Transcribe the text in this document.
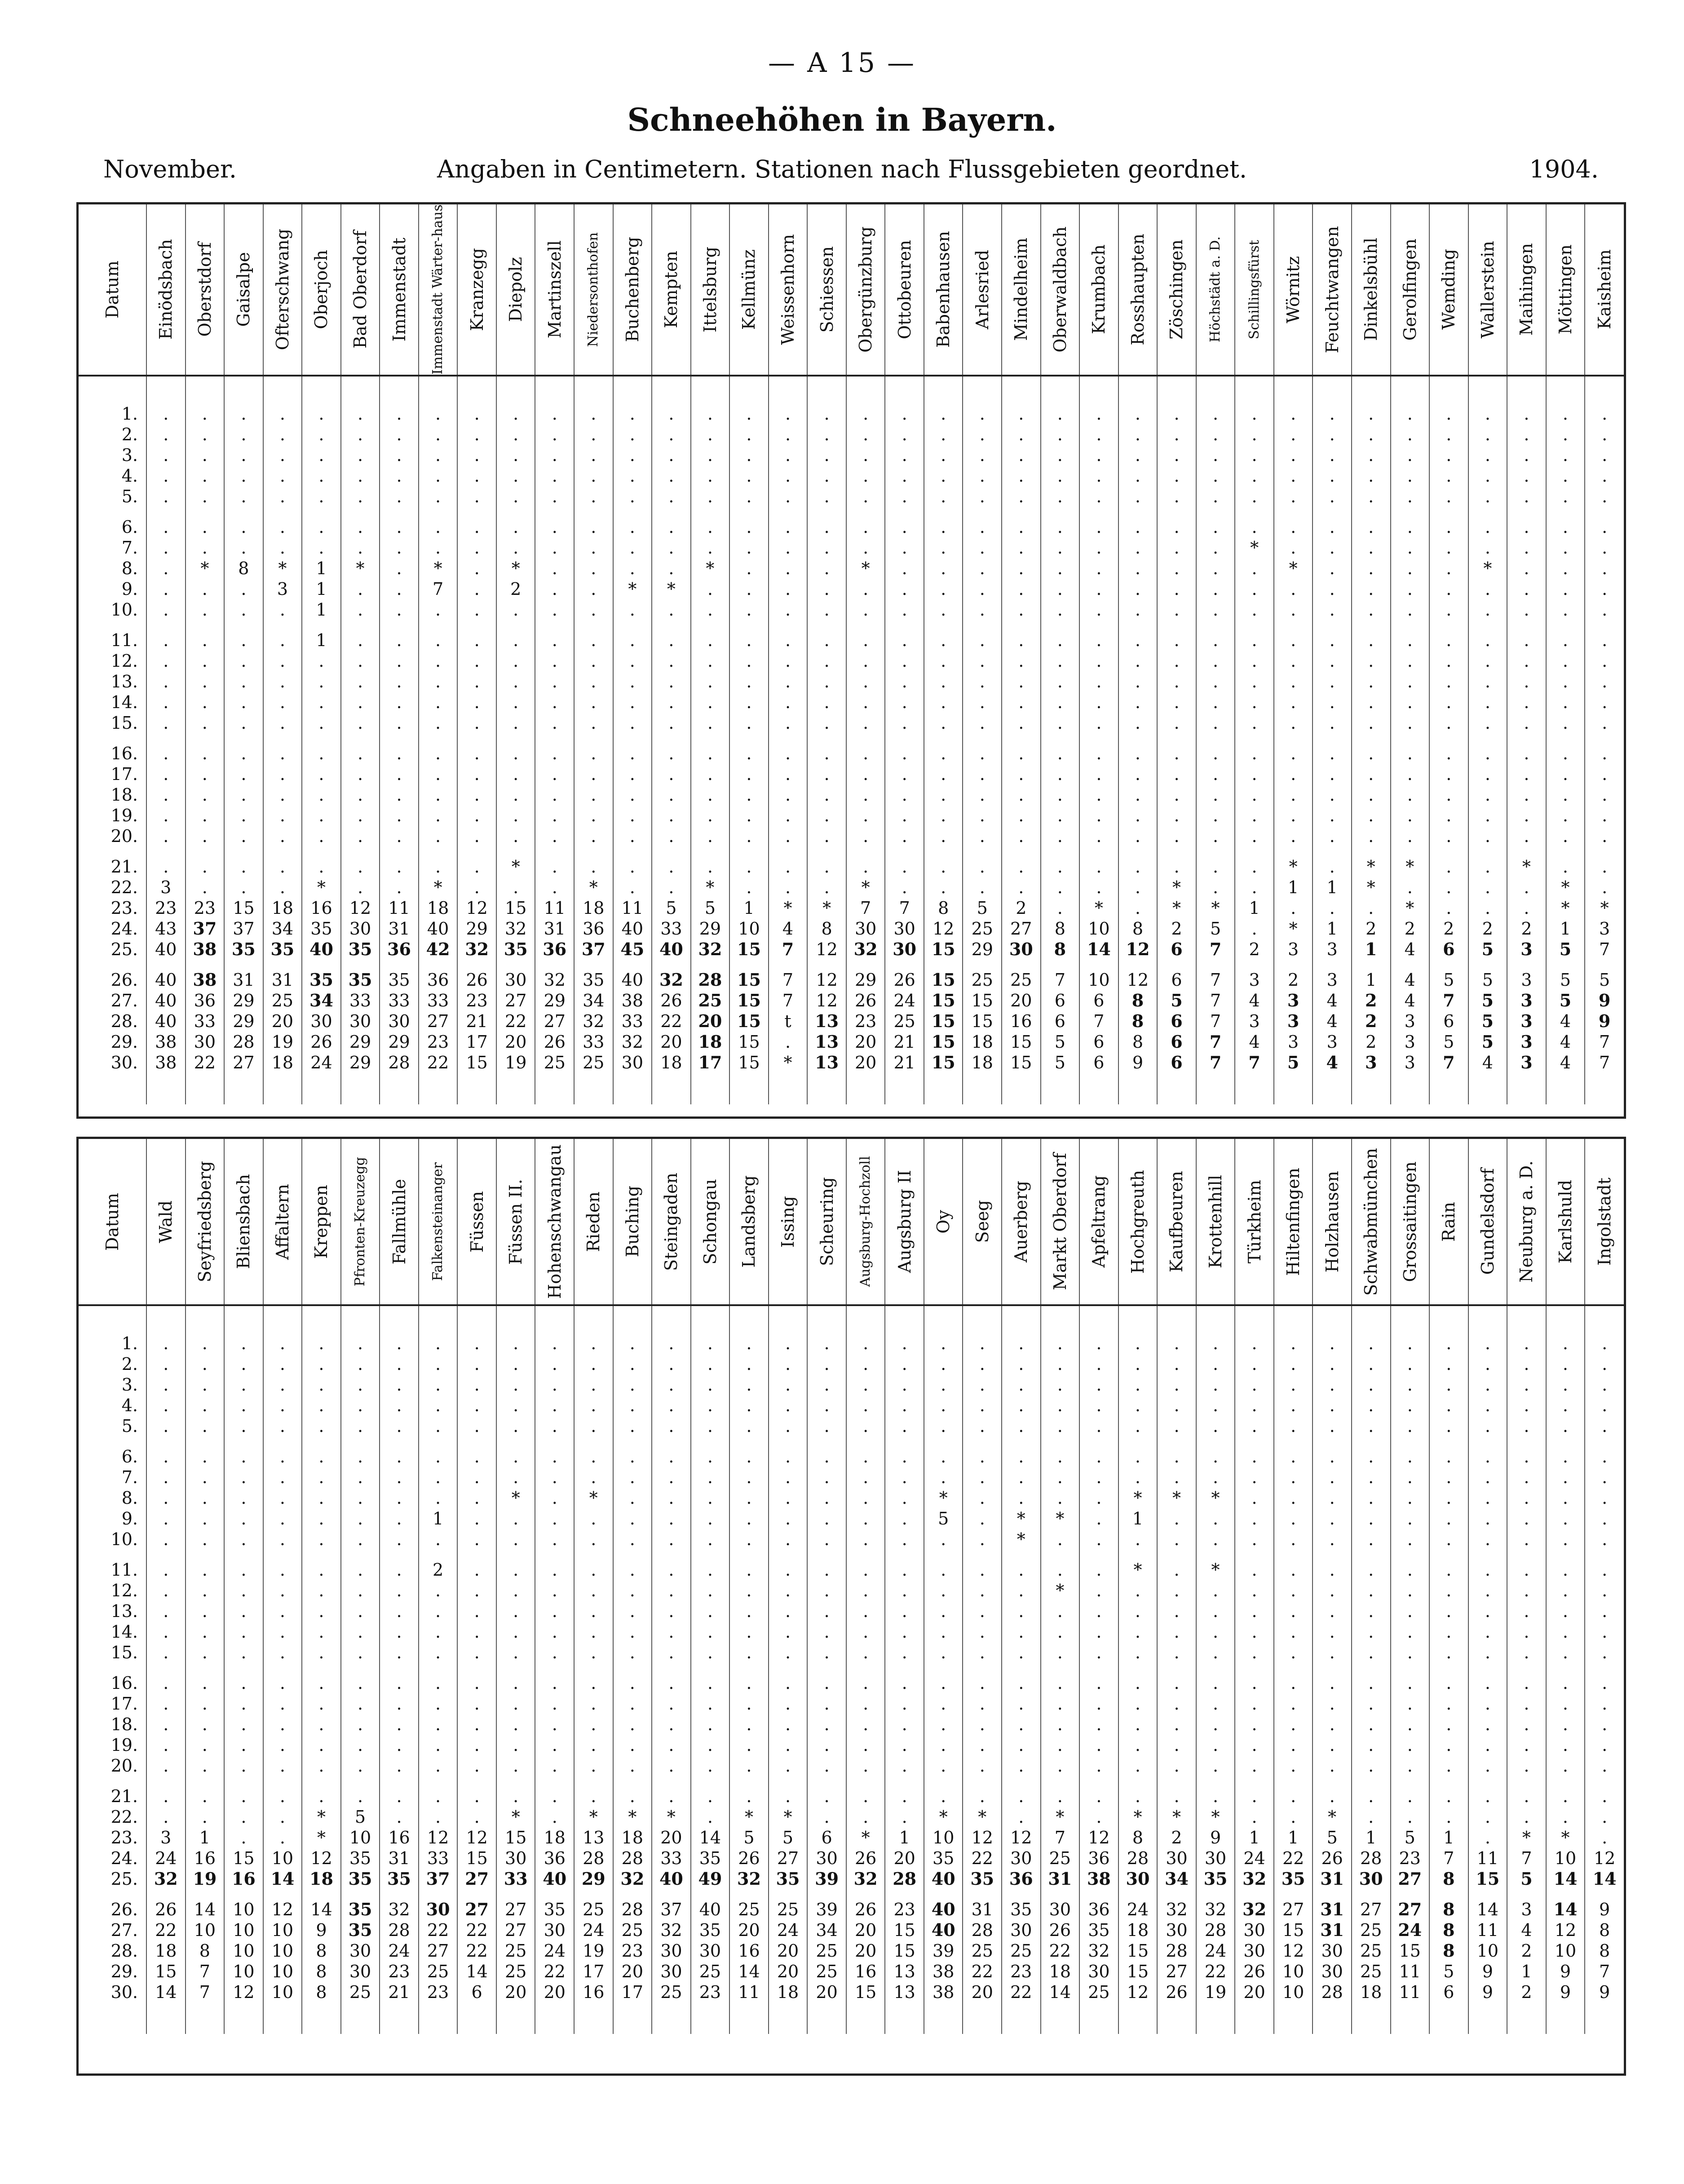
— A 15 —
Schneehöhen in Bayern.
November.	Angaben in Centimetern. Stationen nach Flussgebieten geordnet.	1904.
Datum	Einödsbach	Oberstdorf	Gaisalpe	Ofterschwang	Oberjoch	Bad Oberdorf	Immenstadt	Immenstadt Wärter-haus	Kranzegg	Diepolz	Martinszell	Niedersonthofen	Buchenberg	Kempten	Ittelsburg	Kellmünz	Weissenhorn	Schiessen	Obergünzburg	Ottobeuren	Babenhausen	Arlesried	Mindelheim	Oberwaldbach	Krumbach	Rosshaupten	Zöschingen	Höchstädt a. D.	Schillingsfürst	Wörnitz	Feuchtwangen	Dinkelsbühl	Gerolfingen	Wemding	Wallerstein	Maihingen	Möttingen	Kaisheim

1.	.	.	.	.	.	.	.	.	.	.	.	.	.	.	.	.	.	.	.	.	.	.	.	.	.	.	.	.	.	.	.	.	.	.	.	.	.	.
2.	.	.	.	.	.	.	.	.	.	.	.	.	.	.	.	.	.	.	.	.	.	.	.	.	.	.	.	.	.	.	.	.	.	.	.	.	.	.
3.	.	.	.	.	.	.	.	.	.	.	.	.	.	.	.	.	.	.	.	.	.	.	.	.	.	.	.	.	.	.	.	.	.	.	.	.	.	.
4.	.	.	.	.	.	.	.	.	.	.	.	.	.	.	.	.	.	.	.	.	.	.	.	.	.	.	.	.	.	.	.	.	.	.	.	.	.	.
5.	.	.	.	.	.	.	.	.	.	.	.	.	.	.	.	.	.	.	.	.	.	.	.	.	.	.	.	.	.	.	.	.	.	.	.	.	.	.

6.	.	.	.	.	.	.	.	.	.	.	.	.	.	.	.	.	.	.	.	.	.	.	.	.	.	.	.	.	.	.	.	.	.	.	.	.	.	.
7.	.	.	.	.	.	.	.	.	.	.	.	.	.	.	.	.	.	.	.	.	.	.	.	.	.	.	.	.	*	.	.	.	.	.	.	.	.	.
8.	.	*	8	*	1	*	.	*	.	*	.	.	.	.	*	.	.	.	*	.	.	.	.	.	.	.	.	.	.	*	.	.	.	.	*	.	.	.
9.	.	.	.	3	1	.	.	7	.	2	.	.	*	*	.	.	.	.	.	.	.	.	.	.	.	.	.	.	.	.	.	.	.	.	.	.	.	.
10.	.	.	.	.	1	.	.	.	.	.	.	.	.	.	.	.	.	.	.	.	.	.	.	.	.	.	.	.	.	.	.	.	.	.	.	.	.	.

11.	.	.	.	.	1	.	.	.	.	.	.	.	.	.	.	.	.	.	.	.	.	.	.	.	.	.	.	.	.	.	.	.	.	.	.	.	.	.
12.	.	.	.	.	.	.	.	.	.	.	.	.	.	.	.	.	.	.	.	.	.	.	.	.	.	.	.	.	.	.	.	.	.	.	.	.	.	.
13.	.	.	.	.	.	.	.	.	.	.	.	.	.	.	.	.	.	.	.	.	.	.	.	.	.	.	.	.	.	.	.	.	.	.	.	.	.	.
14.	.	.	.	.	.	.	.	.	.	.	.	.	.	.	.	.	.	.	.	.	.	.	.	.	.	.	.	.	.	.	.	.	.	.	.	.	.	.
15.	.	.	.	.	.	.	.	.	.	.	.	.	.	.	.	.	.	.	.	.	.	.	.	.	.	.	.	.	.	.	.	.	.	.	.	.	.	.

16.	.	.	.	.	.	.	.	.	.	.	.	.	.	.	.	.	.	.	.	.	.	.	.	.	.	.	.	.	.	.	.	.	.	.	.	.	.	.
17.	.	.	.	.	.	.	.	.	.	.	.	.	.	.	.	.	.	.	.	.	.	.	.	.	.	.	.	.	.	.	.	.	.	.	.	.	.	.
18.	.	.	.	.	.	.	.	.	.	.	.	.	.	.	.	.	.	.	.	.	.	.	.	.	.	.	.	.	.	.	.	.	.	.	.	.	.	.
19.	.	.	.	.	.	.	.	.	.	.	.	.	.	.	.	.	.	.	.	.	.	.	.	.	.	.	.	.	.	.	.	.	.	.	.	.	.	.
20.	.	.	.	.	.	.	.	.	.	.	.	.	.	.	.	.	.	.	.	.	.	.	.	.	.	.	.	.	.	.	.	.	.	.	.	.	.	.

21.	.	.	.	.	.	.	.	.	.	*	.	.	.	.	.	.	.	.	.	.	.	.	.	.	.	.	.	.	.	*	.	*	*	.	.	*	.	.
22.	3	.	.	.	*	.	.	*	.	.	.	*	.	.	*	.	.	.	*	.	.	.	.	.	.	.	*	.	.	1	1	*	.	.	.	.	*	.
23.	23	23	15	18	16	12	11	18	12	15	11	18	11	5	5	1	*	*	7	7	8	5	2	.	*	.	*	*	1	.	.	.	*	.	.	.	*	*
24.	43	37	37	34	35	30	31	40	29	32	31	36	40	33	29	10	4	8	30	30	12	25	27	8	10	8	2	5	.	*	1	2	2	2	2	2	1	3
25.	40	38	35	35	40	35	36	42	32	35	36	37	45	40	32	15	7	12	32	30	15	29	30	8	14	12	6	7	2	3	3	1	4	6	5	3	5	7

26.	40	38	31	31	35	35	35	36	26	30	32	35	40	32	28	15	7	12	29	26	15	25	25	7	10	12	6	7	3	2	3	1	4	5	5	3	5	5
27.	40	36	29	25	34	33	33	33	23	27	29	34	38	26	25	15	7	12	26	24	15	15	20	6	6	8	5	7	4	3	4	2	4	7	5	3	5	9
28.	40	33	29	20	30	30	30	27	21	22	27	32	33	22	20	15	t	13	23	25	15	15	16	6	7	8	6	7	3	3	4	2	3	6	5	3	4	9
29.	38	30	28	19	26	29	29	23	17	20	26	33	32	20	18	15	.	13	20	21	15	18	15	5	6	8	6	7	4	3	3	2	3	5	5	3	4	7
30.	38	22	27	18	24	29	28	22	15	19	25	25	30	18	17	15	*	13	20	21	15	18	15	5	6	9	6	7	7	5	4	3	3	7	4	3	4	7

Datum	Wald	Seyfriedsberg	Bliensbach	Affaltern	Kreppen	Pfronten-Kreuzegg	Fallmühle	Falkensteinanger	Füssen	Füssen II.	Hohenschwangau	Rieden	Buching	Steingaden	Schongau	Landsberg	Issing	Scheuring	Augsburg-Hochzoll	Augsburg II	Oy	Seeg	Auerberg	Markt Oberdorf	Apfeltrang	Hochgreuth	Kaufbeuren	Krottenhill	Türkheim	Hiltenfingen	Holzhausen	Schwabmünchen	Grossaitingen	Rain	Gundelsdorf	Neuburg a. D.	Karlshuld	Ingolstadt

1.	.	.	.	.	.	.	.	.	.	.	.	.	.	.	.	.	.	.	.	.	.	.	.	.	.	.	.	.	.	.	.	.	.	.	.	.	.	.
2.	.	.	.	.	.	.	.	.	.	.	.	.	.	.	.	.	.	.	.	.	.	.	.	.	.	.	.	.	.	.	.	.	.	.	.	.	.	.
3.	.	.	.	.	.	.	.	.	.	.	.	.	.	.	.	.	.	.	.	.	.	.	.	.	.	.	.	.	.	.	.	.	.	.	.	.	.	.
4.	.	.	.	.	.	.	.	.	.	.	.	.	.	.	.	.	.	.	.	.	.	.	.	.	.	.	.	.	.	.	.	.	.	.	.	.	.	.
5.	.	.	.	.	.	.	.	.	.	.	.	.	.	.	.	.	.	.	.	.	.	.	.	.	.	.	.	.	.	.	.	.	.	.	.	.	.	.

6.	.	.	.	.	.	.	.	.	.	.	.	.	.	.	.	.	.	.	.	.	.	.	.	.	.	.	.	.	.	.	.	.	.	.	.	.	.	.
7.	.	.	.	.	.	.	.	.	.	.	.	.	.	.	.	.	.	.	.	.	.	.	.	.	.	.	.	.	.	.	.	.	.	.	.	.	.	.
8.	.	.	.	.	.	.	.	.	.	*	.	*	.	.	.	.	.	.	.	.	*	.	.	.	.	*	*	*	.	.	.	.	.	.	.	.	.	.
9.	.	.	.	.	.	.	.	1	.	.	.	.	.	.	.	.	.	.	.	.	5	.	*	*	.	1	.	.	.	.	.	.	.	.	.	.	.	.
10.	.	.	.	.	.	.	.	.	.	.	.	.	.	.	.	.	.	.	.	.	.	.	*	.	.	.	.	.	.	.	.	.	.	.	.	.	.	.

11.	.	.	.	.	.	.	.	2	.	.	.	.	.	.	.	.	.	.	.	.	.	.	.	.	.	*	.	*	.	.	.	.	.	.	.	.	.	.
12.	.	.	.	.	.	.	.	.	.	.	.	.	.	.	.	.	.	.	.	.	.	.	.	*	.	.	.	.	.	.	.	.	.	.	.	.	.	.
13.	.	.	.	.	.	.	.	.	.	.	.	.	.	.	.	.	.	.	.	.	.	.	.	.	.	.	.	.	.	.	.	.	.	.	.	.	.	.
14.	.	.	.	.	.	.	.	.	.	.	.	.	.	.	.	.	.	.	.	.	.	.	.	.	.	.	.	.	.	.	.	.	.	.	.	.	.	.
15.	.	.	.	.	.	.	.	.	.	.	.	.	.	.	.	.	.	.	.	.	.	.	.	.	.	.	.	.	.	.	.	.	.	.	.	.	.	.

16.	.	.	.	.	.	.	.	.	.	.	.	.	.	.	.	.	.	.	.	.	.	.	.	.	.	.	.	.	.	.	.	.	.	.	.	.	.	.
17.	.	.	.	.	.	.	.	.	.	.	.	.	.	.	.	.	.	.	.	.	.	.	.	.	.	.	.	.	.	.	.	.	.	.	.	.	.	.
18.	.	.	.	.	.	.	.	.	.	.	.	.	.	.	.	.	.	.	.	.	.	.	.	.	.	.	.	.	.	.	.	.	.	.	.	.	.	.
19.	.	.	.	.	.	.	.	.	.	.	.	.	.	.	.	.	.	.	.	.	.	.	.	.	.	.	.	.	.	.	.	.	.	.	.	.	.	.
20.	.	.	.	.	.	.	.	.	.	.	.	.	.	.	.	.	.	.	.	.	.	.	.	.	.	.	.	.	.	.	.	.	.	.	.	.	.	.

21.	.	.	.	.	.	.	.	.	.	.	.	.	.	.	.	.	.	.	.	.	.	.	.	.	.	.	.	.	.	.	.	.	.	.	.	.	.	.
22.	.	.	.	.	*	5	.	.	.	*	.	*	*	*	.	*	*	.	.	.	*	*	.	*	.	*	*	*	.	.	*	.	.	.	.	.	.	.
23.	3	1	.	.	*	10	16	12	12	15	18	13	18	20	14	5	5	6	*	1	10	12	12	7	12	8	2	9	1	1	5	1	5	1	.	*	*	.
24.	24	16	15	10	12	35	31	33	15	30	36	28	28	33	35	26	27	30	26	20	35	22	30	25	36	28	30	30	24	22	26	28	23	7	11	7	10	12
25.	32	19	16	14	18	35	35	37	27	33	40	29	32	40	49	32	35	39	32	28	40	35	36	31	38	30	34	35	32	35	31	30	27	8	15	5	14	14

26.	26	14	10	12	14	35	32	30	27	27	35	25	28	37	40	25	25	39	26	23	40	31	35	30	36	24	32	32	32	27	31	27	27	8	14	3	14	9
27.	22	10	10	10	9	35	28	22	22	27	30	24	25	32	35	20	24	34	20	15	40	28	30	26	35	18	30	28	30	15	31	25	24	8	11	4	12	8
28.	18	8	10	10	8	30	24	27	22	25	24	19	23	30	30	16	20	25	20	15	39	25	25	22	32	15	28	24	30	12	30	25	15	8	10	2	10	8
29.	15	7	10	10	8	30	23	25	14	25	22	17	20	30	25	14	20	25	16	13	38	22	23	18	30	15	27	22	26	10	30	25	11	5	9	1	9	7
30.	14	7	12	10	8	25	21	23	6	20	20	16	17	25	23	11	18	20	15	13	38	20	22	14	25	12	26	19	20	10	28	18	11	6	9	2	9	9
